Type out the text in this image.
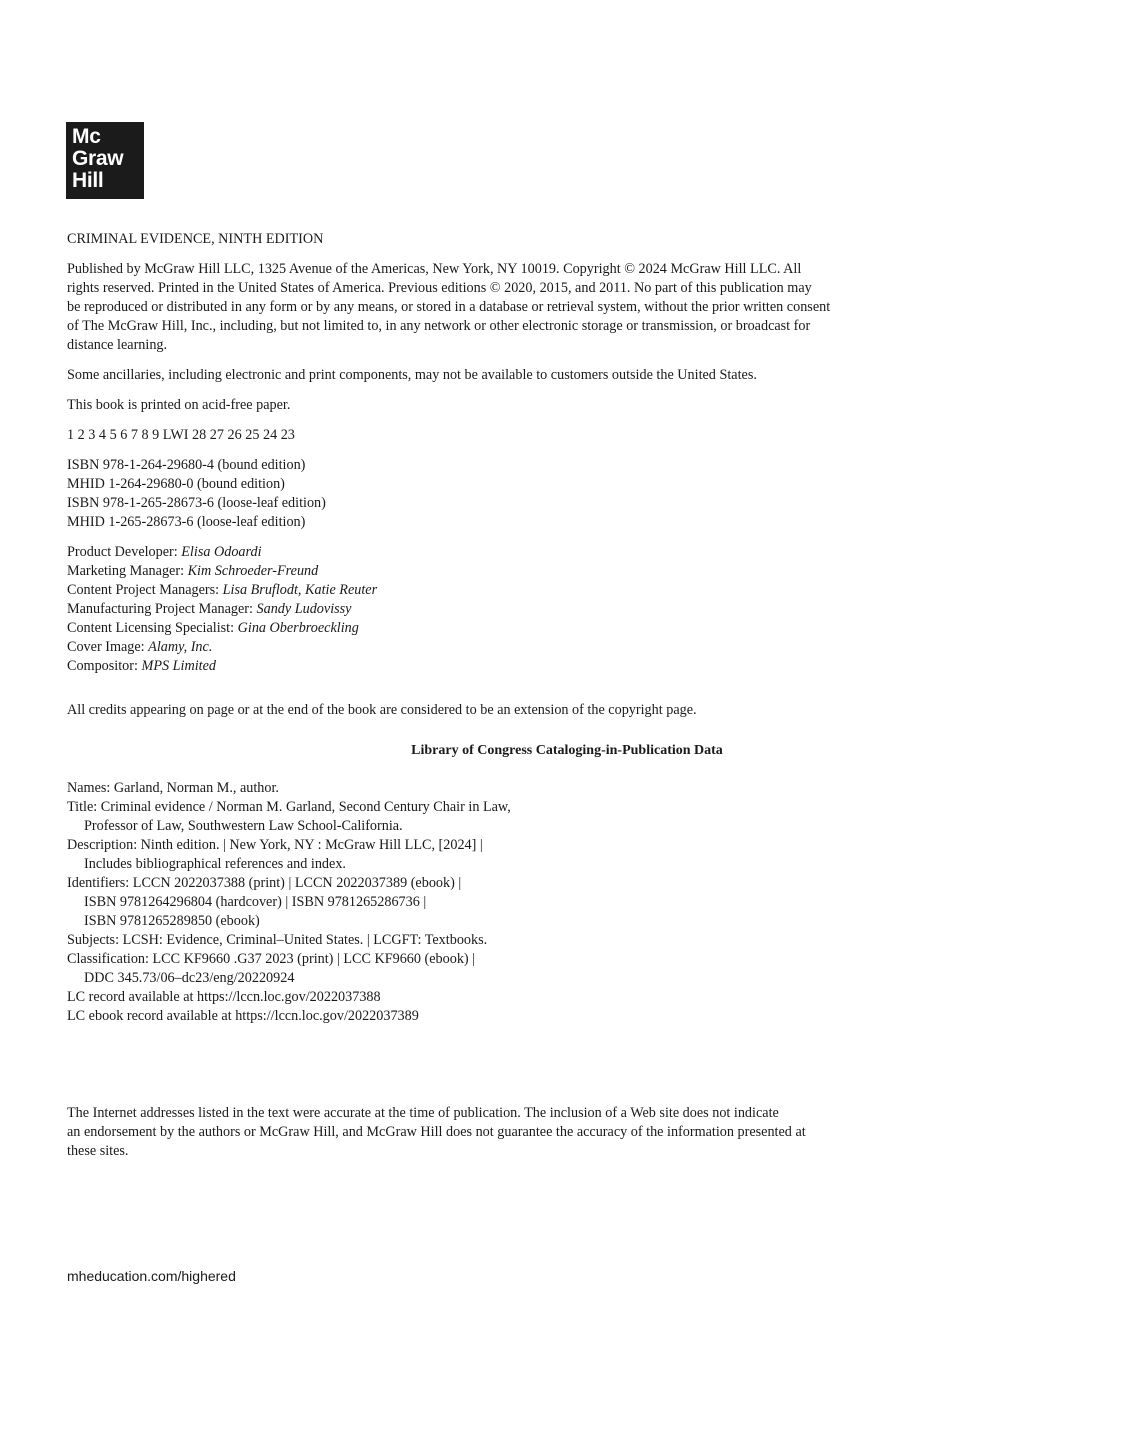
Mc
Graw
Hill

CRIMINAL EVIDENCE, NINTH EDITION

Published by McGraw Hill LLC, 1325 Avenue of the Americas, New York, NY 10019. Copyright © 2024 McGraw Hill LLC. All
rights reserved. Printed in the United States of America. Previous editions © 2020, 2015, and 2011. No part of this publication may
be reproduced or distributed in any form or by any means, or stored in a database or retrieval system, without the prior written consent
of The McGraw Hill, Inc., including, but not limited to, in any network or other electronic storage or transmission, or broadcast for
distance learning.

Some ancillaries, including electronic and print components, may not be available to customers outside the United States.

This book is printed on acid-free paper.

1 2 3 4 5 6 7 8 9 LWI 28 27 26 25 24 23

ISBN 978-1-264-29680-4 (bound edition)
MHID 1-264-29680-0 (bound edition)
ISBN 978-1-265-28673-6 (loose-leaf edition)
MHID 1-265-28673-6 (loose-leaf edition)
Product Developer: Elisa Odoardi
Marketing Manager: Kim Schroeder-Freund
Content Project Managers: Lisa Bruflodt, Katie Reuter
Manufacturing Project Manager: Sandy Ludovissy
Content Licensing Specialist: Gina Oberbroeckling
Cover Image: Alamy, Inc.
Compositor: MPS Limited

All credits appearing on page or at the end of the book are considered to be an extension of the copyright page.

Library of Congress Cataloging-in-Publication Data
Names: Garland, Norman M., author.
Title: Criminal evidence / Norman M. Garland, Second Century Chair in Law,
Professor of Law, Southwestern Law School-California.
Description: Ninth edition. | New York, NY : McGraw Hill LLC, [2024] |
Includes bibliographical references and index.
Identifiers: LCCN 2022037388 (print) | LCCN 2022037389 (ebook) |
ISBN 9781264296804 (hardcover) | ISBN 9781265286736 |
ISBN 9781265289850 (ebook)
Subjects: LCSH: Evidence, Criminal–United States. | LCGFT: Textbooks.
Classification: LCC KF9660 .G37 2023 (print) | LCC KF9660 (ebook) |
DDC 345.73/06–dc23/eng/20220924
LC record available at https://lccn.loc.gov/2022037388
LC ebook record available at https://lccn.loc.gov/2022037389
The Internet addresses listed in the text were accurate at the time of publication. The inclusion of a Web site does not indicate
an endorsement by the authors or McGraw Hill, and McGraw Hill does not guarantee the accuracy of the information presented at
these sites.
mheducation.com/highered
